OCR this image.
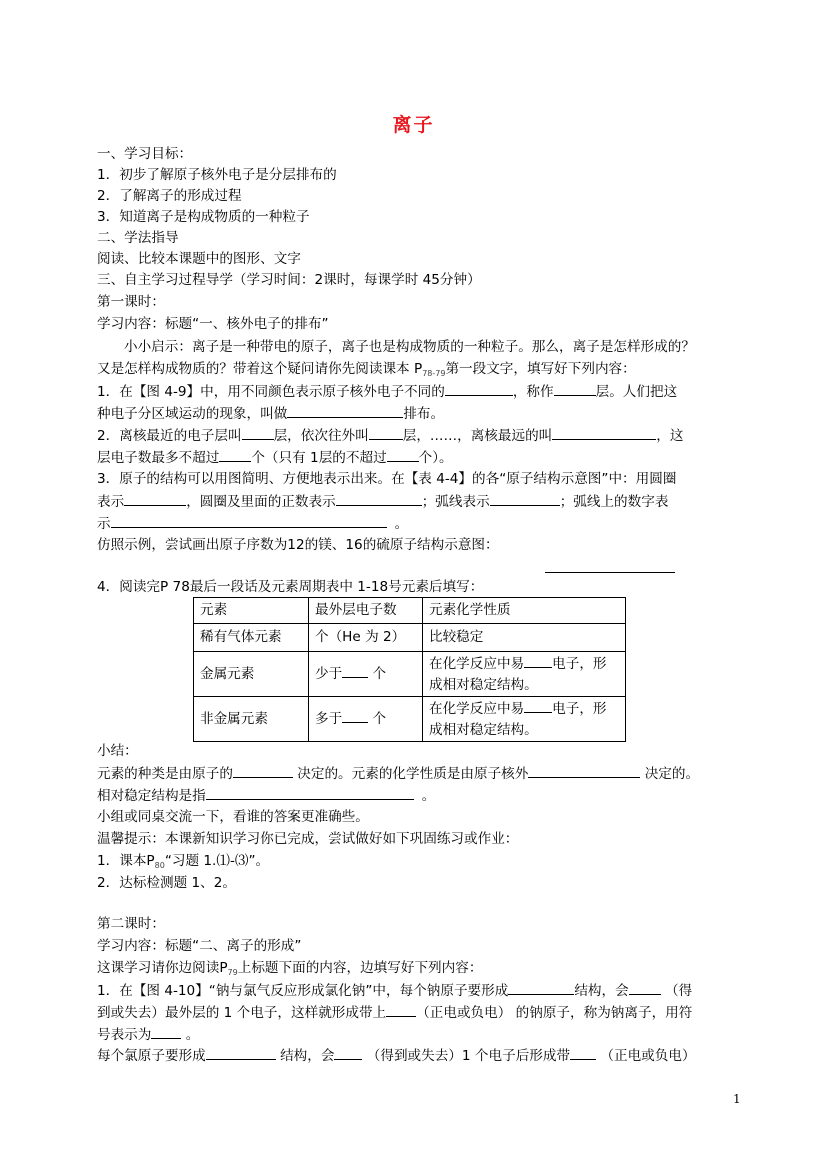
离子
一、学习目标：
1．初步了解原子核外电子是分层排布的
2．了解离子的形成过程
3．知道离子是构成物质的一种粒子
二、学法指导
阅读、比较本课题中的图形、文字
三、自主学习过程导学（学习时间：2课时，每课学时 45分钟）
第一课时：
学习内容：标题“一、核外电子的排布”
小小启示：离子是一种带电的原子，离子也是构成物质的一种粒子。那么，离子是怎样形成的？
又是怎样构成物质的？带着这个疑问请你先阅读课本 $P_{78-79}$第一段文字，填写好下列内容：
1．在【图 4-9】中，用不同颜色表示原子核外电子不同的	，称作	层。人们把这
种电子分区域运动的现象，叫做	排布。
2．离核最近的电子层叫 层，依次往外叫	层，……，离核最远的叫	，这
层电子数最多不超过 个（只有 1层的不超过 个）。
3．原子的结构可以用图简明、方便地表示出来。在【表 4-4】的各“原子结构示意图”中：用圆圈
表示	，圆圈及里面的正数表示	；弧线表示	；弧线上的数字表
示	。
仿照示例，尝试画出原子序数为12的镁、16的硫原子结构示意图：
4．阅读完P 78最后一段话及元素周期表中 1-18号元素后填写：
元素	最外层电子数	元素化学性质
稀有气体元素	个（He 为 2）	比较稳定
金属元素	少于 个	在化学反应中易 电子，形
成相对稳定结构。

非金属元素	多于 个	在化学反应中易 电子，形
成相对稳定结构。
小结：
元素的种类是由原子的	决定的。元素的化学性质是由原子核外	决定的。
相对稳定结构是指	。
小组或同桌交流一下，看谁的答案更准确些。
温馨提示：本课新知识学习你已完成，尝试做好如下巩固练习或作业：
1．课本$P_{80}“$习题 1.⑴-⑶”。
2．达标检测题 1、2。
第二课时：
学习内容：标题“二、离子的形成”
这课学习请你边阅读$P_{79}$上标题下面的内容，边填写好下列内容：
1．在【图 4-10】“钠与氯气反应形成氯化钠”中，每个钠原子要形成	结构，会	（得
到或失去）最外层的 1 个电子，这样就形成带上 （正电或负电） 的钠原子，称为钠离子，用符
号表示为	。
每个氯原子要形成	结构，会 （得到或失去）1 个电子后形成带 （正电或负电）
1
